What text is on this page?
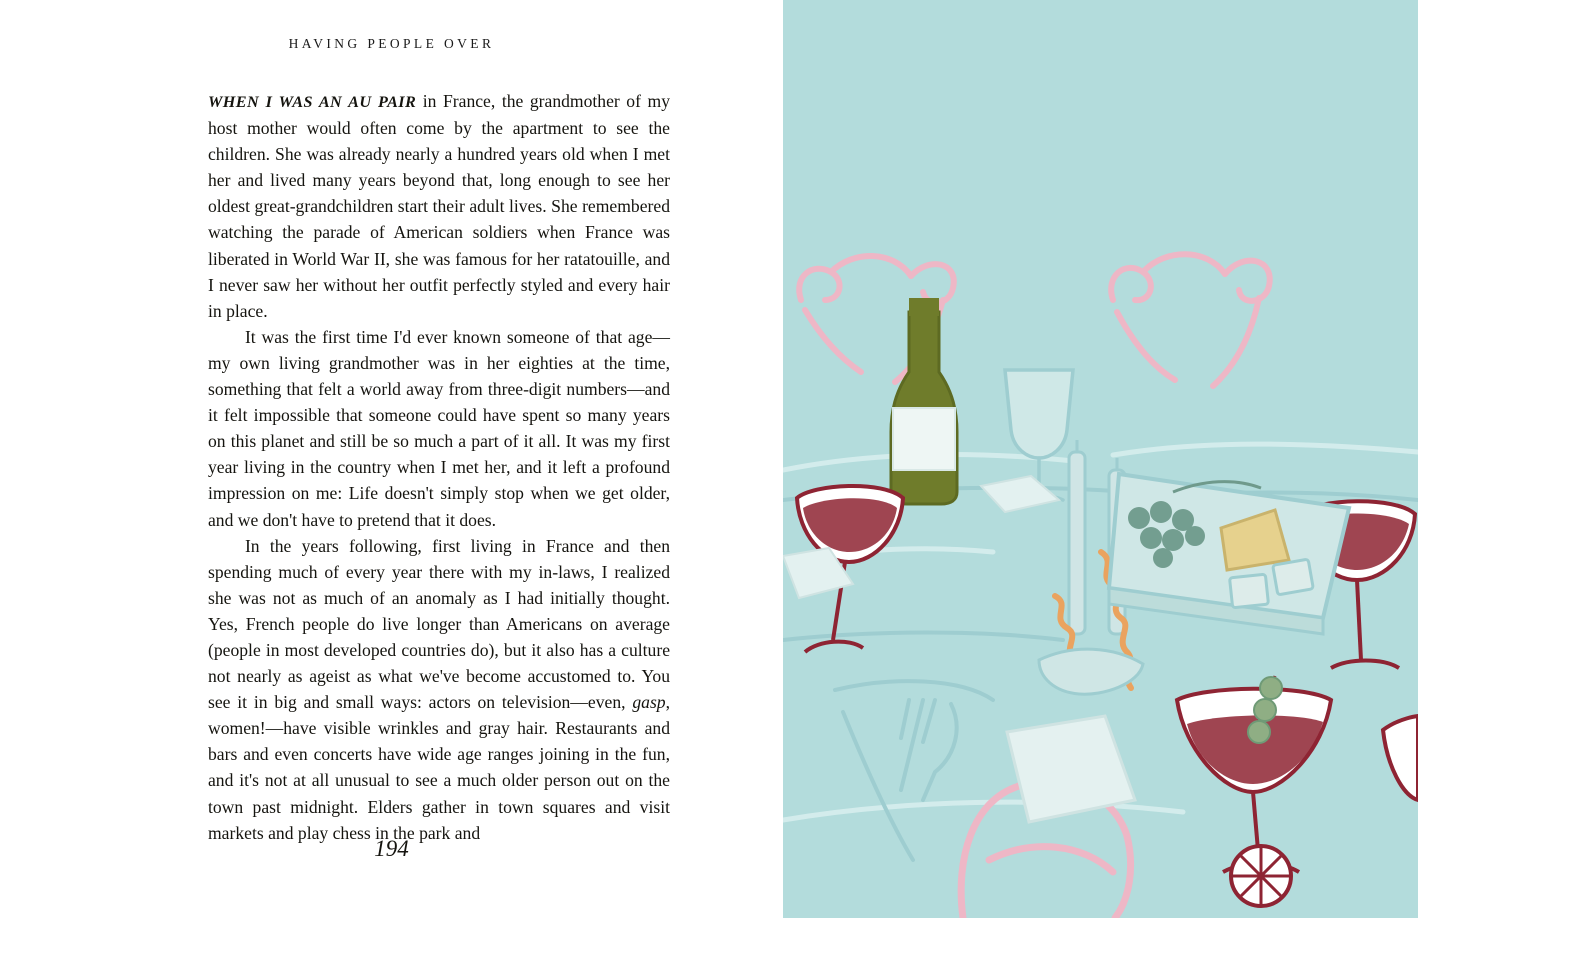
HAVING PEOPLE OVER

WHEN I WAS AN AU PAIR in France, the grandmother of my host mother would often come by the apartment to see the children. She was already nearly a hundred years old when I met her and lived many years beyond that, long enough to see her oldest great-grandchildren start their adult lives. She remembered watching the parade of American soldiers when France was liberated in World War II, she was famous for her ratatouille, and I never saw her without her outfit perfectly styled and every hair in place.

It was the first time I'd ever known someone of that age—my own living grandmother was in her eighties at the time, something that felt a world away from three-digit numbers—and it felt impossible that someone could have spent so many years on this planet and still be so much a part of it all. It was my first year living in the country when I met her, and it left a profound impression on me: Life doesn't simply stop when we get older, and we don't have to pretend that it does.

In the years following, first living in France and then spending much of every year there with my in-laws, I realized she was not as much of an anomaly as I had initially thought. Yes, French people do live longer than Americans on average (people in most developed countries do), but it also has a culture not nearly as ageist as what we've become accustomed to. You see it in big and small ways: actors on television—even, gasp, women!—have visible wrinkles and gray hair. Restaurants and bars and even concerts have wide age ranges joining in the fun, and it's not at all unusual to see a much older person out on the town past midnight. Elders gather in town squares and visit markets and play chess in the park and

194
